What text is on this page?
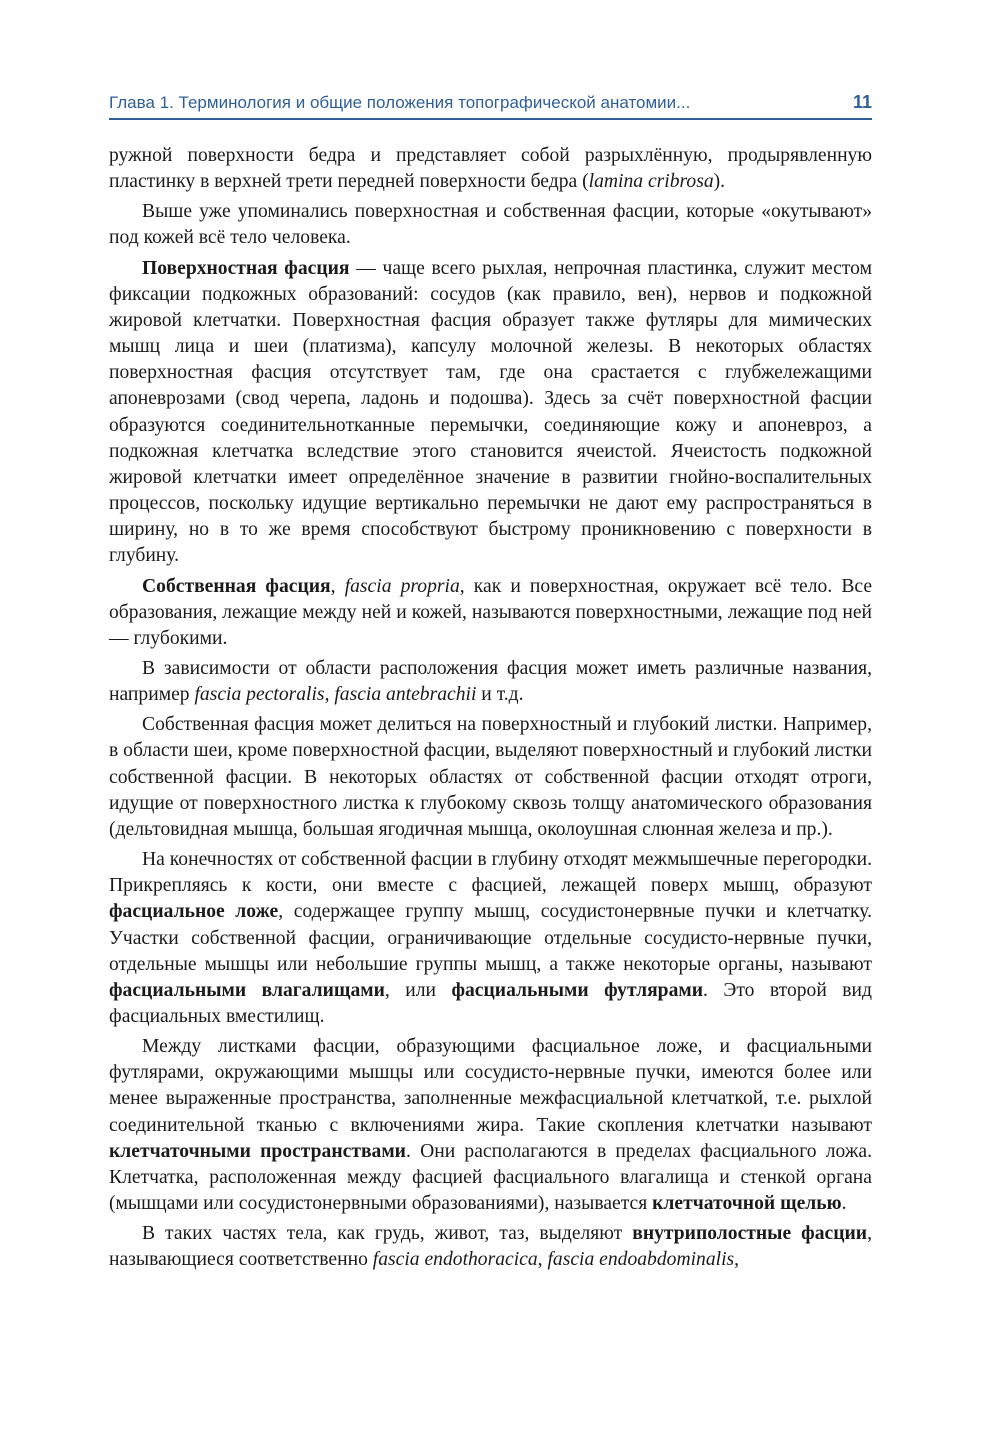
Глава 1. Терминология и общие положения топографической анатомии...	11

ружной поверхности бедра и представляет собой разрыхлённую, продырявленную пластинку в верхней трети передней поверхности бедра (lamina cribrosa).

Выше уже упоминались поверхностная и собственная фасции, которые «окутывают» под кожей всё тело человека.

Поверхностная фасция — чаще всего рыхлая, непрочная пластинка, служит местом фиксации подкожных образований: сосудов (как правило, вен), нервов и подкожной жировой клетчатки. Поверхностная фасция образует также футляры для мимических мышц лица и шеи (платизма), капсулу молочной железы. В некоторых областях поверхностная фасция отсутствует там, где она срастается с глубжележащими апоневрозами (свод черепа, ладонь и подошва). Здесь за счёт поверхностной фасции образуются соединительнотканные перемычки, соединяющие кожу и апоневроз, а подкожная клетчатка вследствие этого становится ячеистой. Ячеистость подкожной жировой клетчатки имеет определённое значение в развитии гнойно-воспалительных процессов, поскольку идущие вертикально перемычки не дают ему распространяться в ширину, но в то же время способствуют быстрому проникновению с поверхности в глубину.

Собственная фасция, fascia propria, как и поверхностная, окружает всё тело. Все образования, лежащие между ней и кожей, называются поверхностными, лежащие под ней — глубокими.

В зависимости от области расположения фасция может иметь различные названия, например fascia pectoralis, fascia antebrachii и т.д.

Собственная фасция может делиться на поверхностный и глубокий листки. Например, в области шеи, кроме поверхностной фасции, выделяют поверхностный и глубокий листки собственной фасции. В некоторых областях от собственной фасции отходят отроги, идущие от поверхностного листка к глубокому сквозь толщу анатомического образования (дельтовидная мышца, большая ягодичная мышца, околоушная слюнная железа и пр.).

На конечностях от собственной фасции в глубину отходят межмышечные перегородки. Прикрепляясь к кости, они вместе с фасцией, лежащей поверх мышц, образуют фасциальное ложе, содержащее группу мышц, сосудистонервные пучки и клетчатку. Участки собственной фасции, ограничивающие отдельные сосудисто-нервные пучки, отдельные мышцы или небольшие группы мышц, а также некоторые органы, называют фасциальными влагалищами, или фасциальными футлярами. Это второй вид фасциальных вместилищ.

Между листками фасции, образующими фасциальное ложе, и фасциальными футлярами, окружающими мышцы или сосудисто-нервные пучки, имеются более или менее выраженные пространства, заполненные межфасциальной клетчаткой, т.е. рыхлой соединительной тканью с включениями жира. Такие скопления клетчатки называют клетчаточными пространствами. Они располагаются в пределах фасциального ложа. Клетчатка, расположенная между фасцией фасциального влагалища и стенкой органа (мышцами или сосудистонервными образованиями), называется клетчаточной щелью.

В таких частях тела, как грудь, живот, таз, выделяют внутриполостные фасции, называющиеся соответственно fascia endothoracica, fascia endoabdominalis,
